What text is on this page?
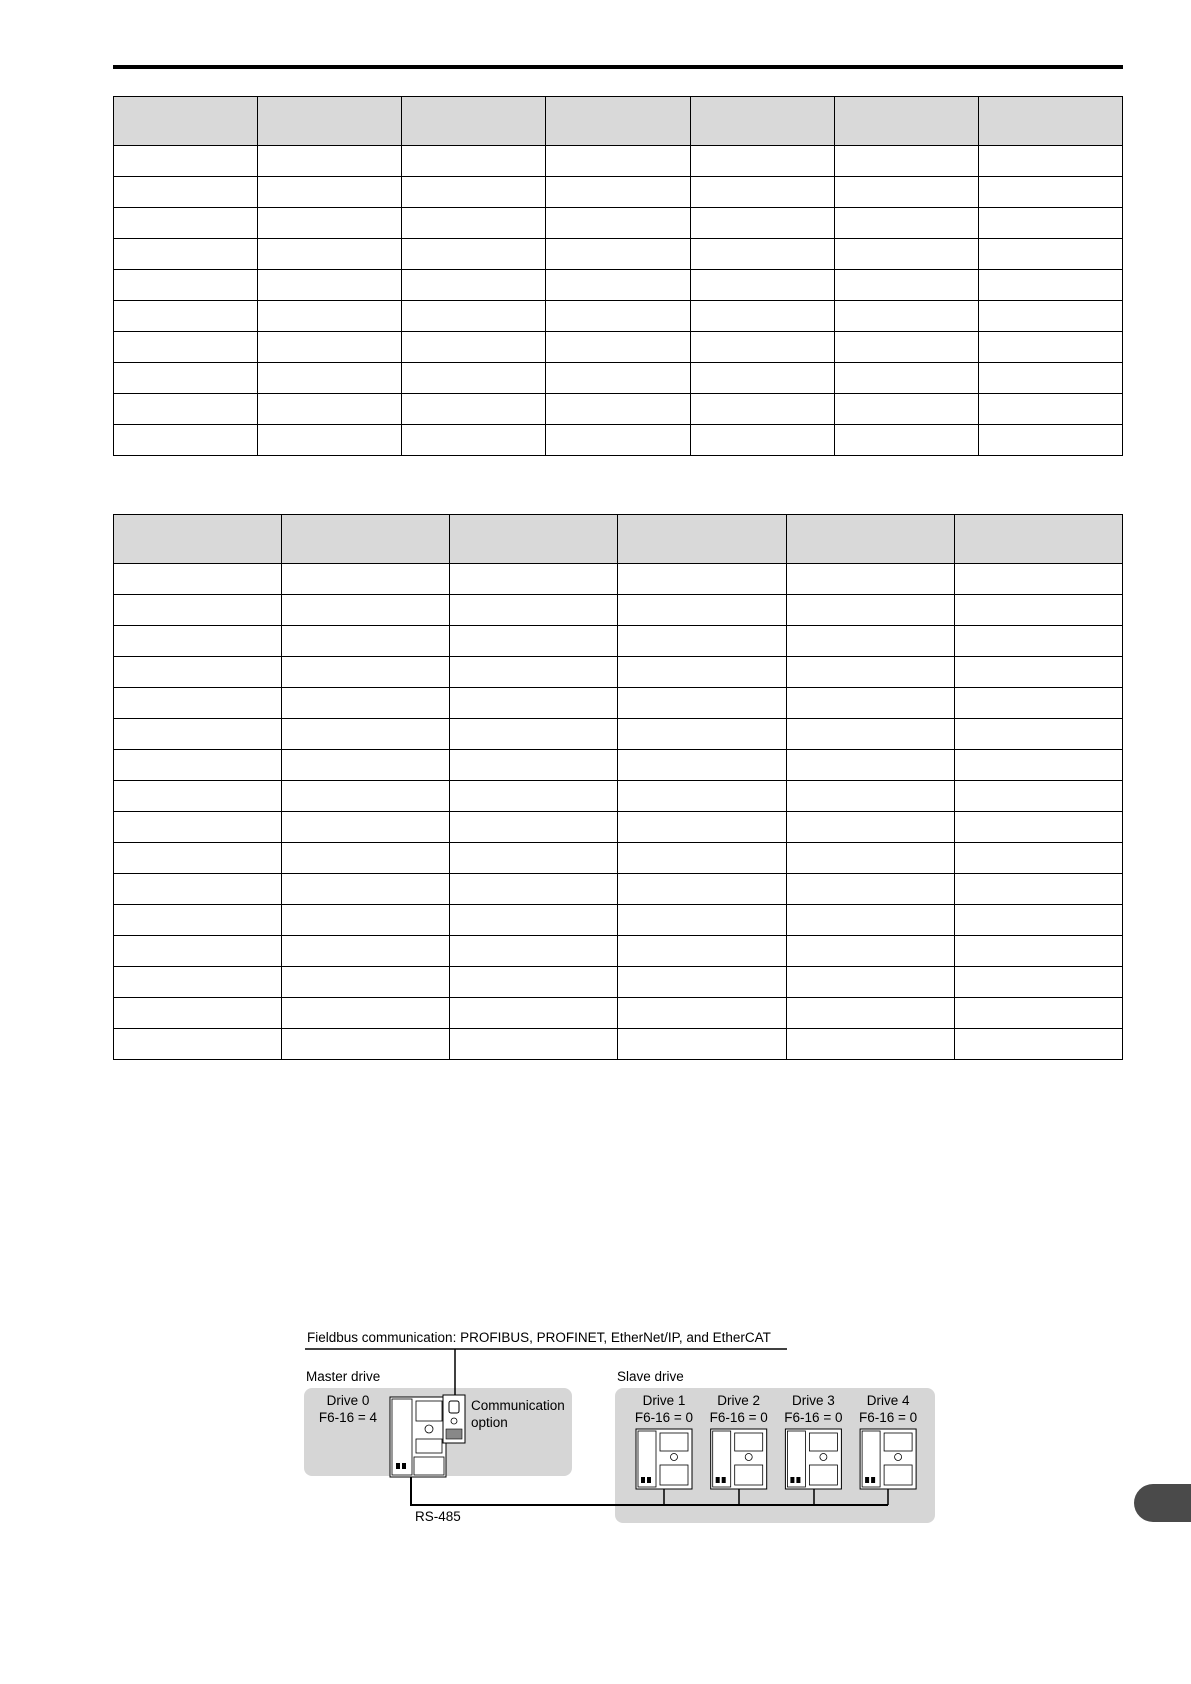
Fieldbus communication: PROFIBUS, PROFINET, EtherNet/IP, and EtherCAT
Master drive	Slave drive
Drive 0
F6-16 = 4
Communication
option
RS-485
Drive 1
F6-16 = 0
Drive 2
F6-16 = 0
Drive 3
F6-16 = 0
Drive 4
F6-16 = 0
